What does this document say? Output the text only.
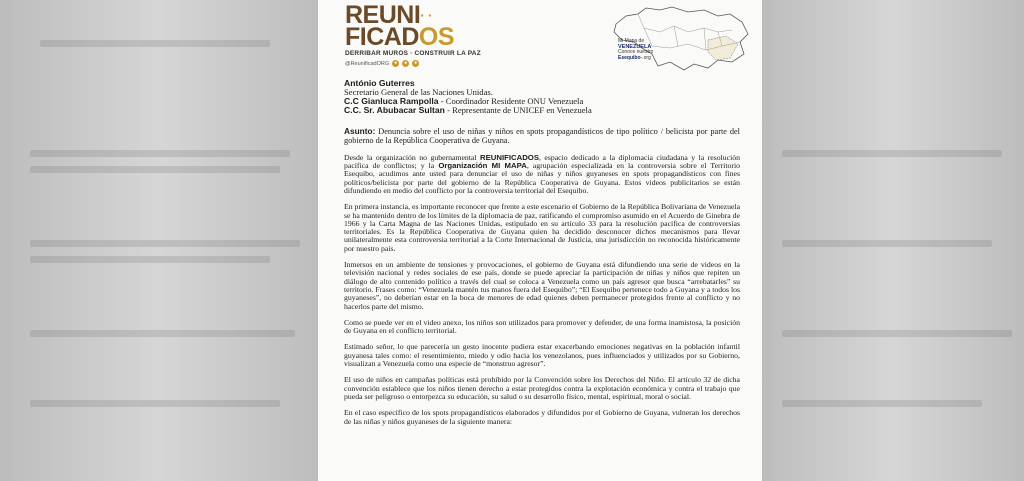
REUNI· ·
FICADOS
DERRIBAR MUROS · CONSTRUIR LA PAZ
@ReunificadORG ●	●	●
Mi Mapa de
VENEZUELA
Conoce nuestro
Esequibo-.org

António Guterres

Secretario General de las Naciones Unidas.

C.C Gianluca Rampolla - Coordinador Residente ONU Venezuela

C.C. Sr. Abubacar Sultan - Representante de UNICEF en Venezuela

Asunto: Denuncia sobre el uso de niñas y niños en spots propagandísticos de tipo político / belicista por parte del gobierno de la República Cooperativa de Guyana.

Desde la organización no gubernamental REUNIFICADOS, espacio dedicado a la diplomacia ciudadana y la resolución pacífica de conflictos; y la Organización MI MAPA, agrupación especializada en la controversia sobre el Territorio Esequibo, acudimos ante usted para denunciar el uso de niñas y niños guyaneses en spots propagandísticos con fines políticos/belicista por parte del gobierno de la República Cooperativa de Guyana. Estos videos publicitarios se están difundiendo en medio del conflicto por la controversia territorial del Esequibo.

En primera instancia, es importante reconocer que frente a este escenario el Gobierno de la República Bolivariana de Venezuela se ha mantenido dentro de los límites de la diplomacia de paz, ratificando el compromiso asumido en el Acuerdo de Ginebra de 1966 y la Carta Magna de las Naciones Unidas, estipulado en su artículo 33 para la resolución pacífica de controversias territoriales. Es la República Cooperativa de Guyana quien ha decidido desconocer dichos mecanismos para llevar unilateralmente esta controversia territorial a la Corte Internacional de Justicia, una jurisdicción no reconocida históricamente por nuestro país.

Inmersos en un ambiente de tensiones y provocaciones, el gobierno de Guyana está difundiendo una serie de videos en la televisión nacional y redes sociales de ese país, donde se puede apreciar la participación de niñas y niños que repiten un diálogo de alto contenido político a través del cual se coloca a Venezuela como un país agresor que busca “arrebatarles” su territorio. Frases como: “Venezuela mantén tus manos fuera del Esequibo”; “El Esequibo pertenece todo a Guyana y a todos los guyaneses”, no deberían estar en la boca de menores de edad quienes deben permanecer protegidos frente al conflicto y no hacerlos parte del mismo.

Como se puede ver en el video anexo, los niños son utilizados para promover y defender, de una forma inamistosa, la posición de Guyana en el conflicto territorial.

Estimado señor, lo que parecería un gesto inocente pudiera estar exacerbando emociones negativas en la población infantil guyanesa tales como: el resentimiento, miedo y odio hacia los venezolanos, pues influenciados y utilizados por su Gobierno, visualizan a Venezuela como una especie de “monstruo agresor”.

El uso de niños en campañas políticas está prohibido por la Convención sobre los Derechos del Niño. El artículo 32 de dicha convención establece que los niños tienen derecho a estar protegidos contra la explotación económica y contra el trabajo que pueda ser peligroso o entorpezca su educación, su salud o su desarrollo físico, mental, espiritual, moral o social.

En el caso específico de los spots propagandísticos elaborados y difundidos por el Gobierno de Guyana, vulneran los derechos de las niñas y niños guyaneses de la siguiente manera:
